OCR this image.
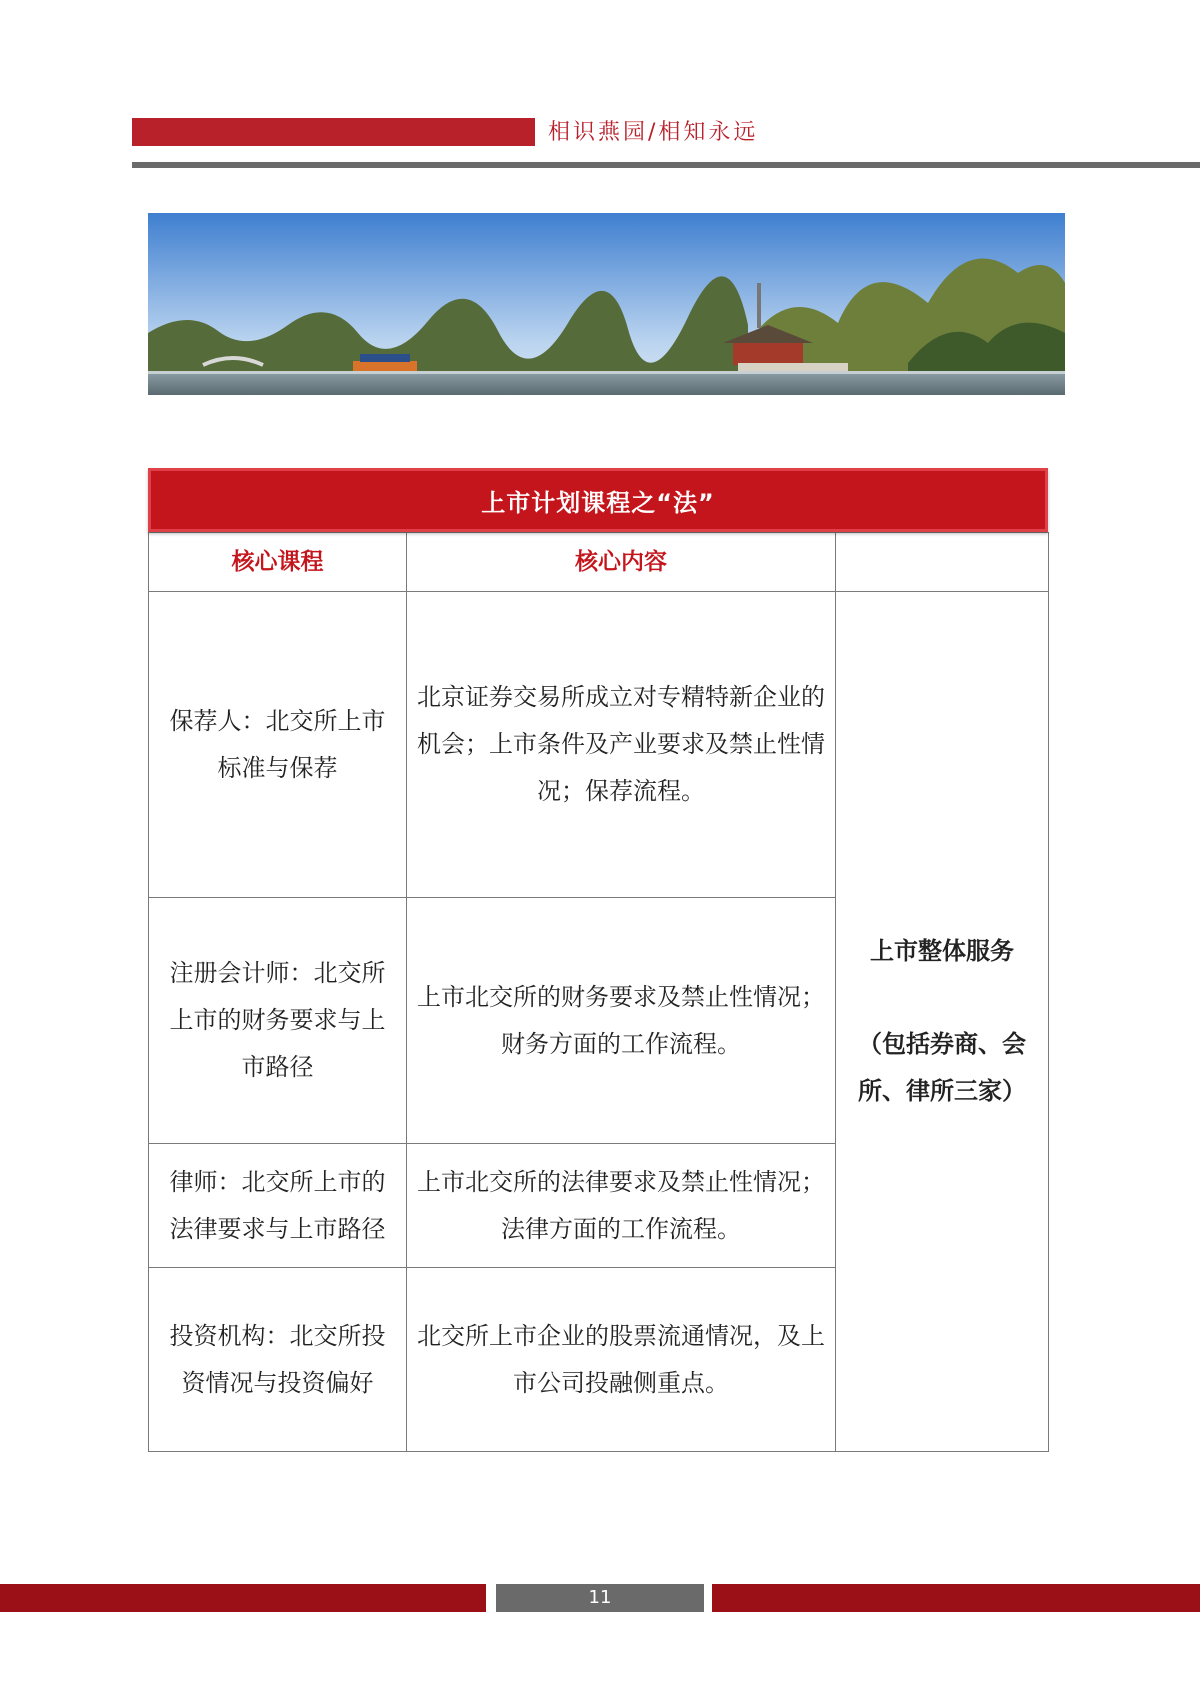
相识燕园/相知永远
上市计划课程之“法”
核心课程	核心内容	
保荐人：北交所上市标准与保荐	北京证券交易所成立对专精特新企业的机会；上市条件及产业要求及禁止性情况；保荐流程。	上市整体服务
（包括券商、会所、律所三家）

注册会计师：北交所上市的财务要求与上市路径	上市北交所的财务要求及禁止性情况；财务方面的工作流程。	
律师：北交所上市的法律要求与上市路径	上市北交所的法律要求及禁止性情况；法律方面的工作流程。	
投资机构：北交所投资情况与投资偏好	北交所上市企业的股票流通情况，及上市公司投融侧重点。	
11
